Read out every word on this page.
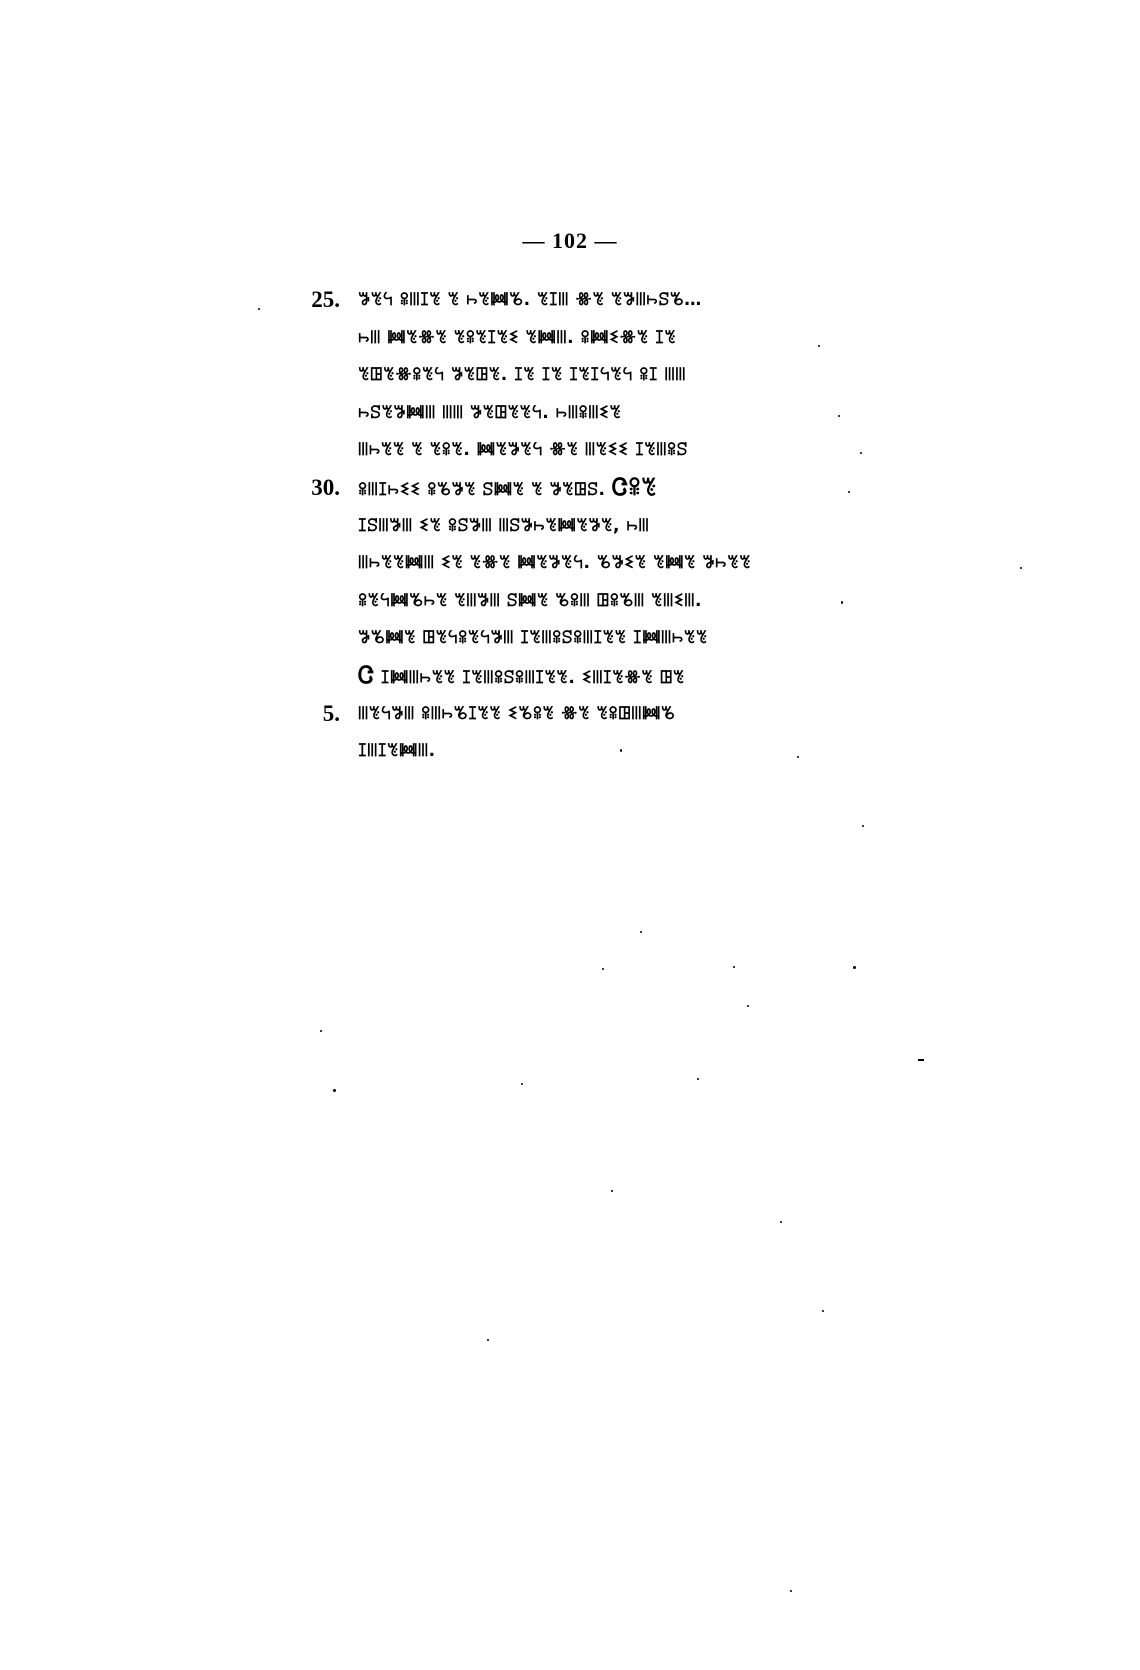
— 102 —
25. ꖃꔳꕪ ꕉꔖꕯꔳ ꔳ ꖨꔳꔞꘋ. ꔳꕯꔖ ꗥꔳ ꔳꖃꔖꖨꕶꘋ…
ꖨꔖ ꔞꔳꗥꔳ ꔳꕉꔳꕯꔳꗨ ꔳꔞꔖ. ꕉꔞꗨꗥꔳ ꕯꔳ
ꔳꖸꔳꗥꕉꔳꕪ ꖃꔳꖸꔳ. ꕯꔳ ꕯꔳ ꕯꔳꕯꕪꔳꕪ ꕉꕯ ꔖꔖ
ꖨꕶꔳꖃꔞꔖ ꔖꔖ ꖃꔳꖸꔳꔳꕪ. ꖨꔖꕉꔖꗨꔳ
ꔖꖨꔳꔳ ꔳ ꔳꕉꔳ. ꔞꔳꖃꔳꕪ ꗥꔳ ꔖꔳꗨꗨ ꕯꔳꔖꕉꕶ
30. ꕉꔖꕯꖨꗨꗨ ꕉꘋꖃꔳ ꕶꔞꔳ ꔳ ꖃꔳꖸꕶ. Ꮳꕉꔳ
ꕯꕶꔖꖃꔖ ꗨꔳ ꕉꕶꖃꔖ ꔖꕶꖃꖨꔳꔞꔳꖃꔳ, ꖨꔖ
ꔖꖨꔳꔳꔞꔖ ꗨꔳ ꔳꗥꔳ ꔞꔳꖃꔳꕪ. ꘋꖃꗨꔳ ꔳꔞꔳ ꖃꖨꔳꔳ
ꕉꔳꕪꔞꘋꖨꔳ ꔳꔖꖃꔖ ꕶꔞꔳ ꘋꕉꔖ ꖸꕉꘋꔖ ꔳꔖꗨꔖ.
ꖃꘋꔞꔳ ꖸꔳꕪꕉꔳꕪꖃꔖ ꕯꔳꔖꕉꕶꕉꔖꕯꔳꔳ ꕯꔞꔖꖨꔳꔳ
Ꮳ ꕯꔞꔖꖨꔳꔳ ꕯꔳꔖꕉꕶꕉꔖꕯꔳꔳ. ꗨꔖꕯꔳꗥꔳ ꖸꔳ
5. ꔖꔳꕪꖃꔖ ꕉꔖꖨꘋꕯꔳꔳ ꗨꘋꕉꔳ ꗥꔳ ꔳꕉꖸꔖꔞꘋ
ꕯꔖꕯꔳꔞꔖ.
